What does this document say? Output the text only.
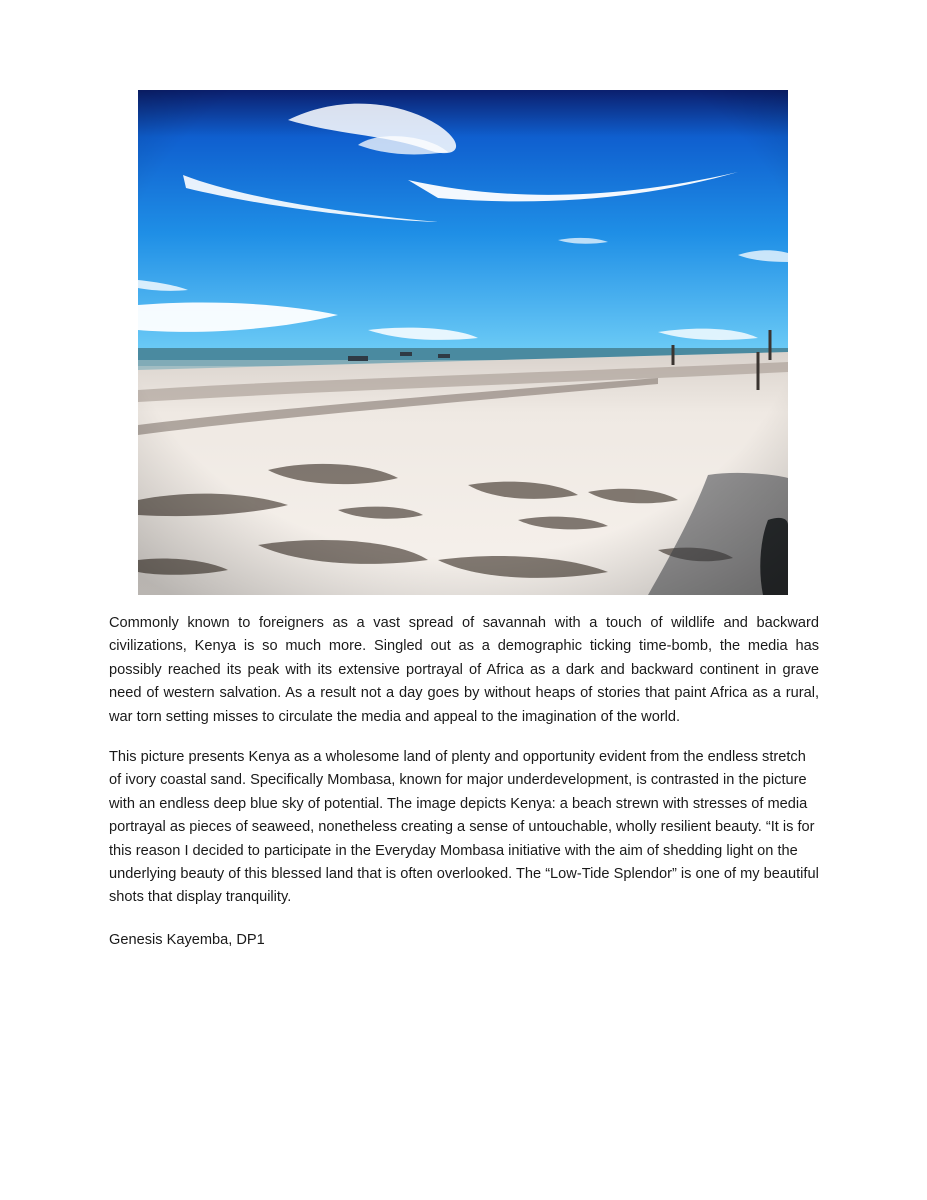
Commonly known to foreigners as a vast spread of savannah with a touch of wildlife and backward civilizations, Kenya is so much more. Singled out as a demographic ticking time-bomb, the media has possibly reached its peak with its extensive portrayal of Africa as a dark and backward continent in grave need of western salvation. As a result not a day goes by without heaps of stories that paint Africa as a rural, war torn setting misses to circulate the media and appeal to the imagination of the world.

This picture presents Kenya as a wholesome land of plenty and opportunity evident from the endless stretch of ivory coastal sand. Specifically Mombasa, known for major underdevelopment, is contrasted in the picture with an endless deep blue sky of potential. The image depicts Kenya: a beach strewn with stresses of media portrayal as pieces of seaweed, nonetheless creating a sense of untouchable, wholly resilient beauty. “It is for this reason I decided to participate in the Everyday Mombasa initiative with the aim of shedding light on the underlying beauty of this blessed land that is often overlooked. The “Low-Tide Splendor” is one of my beautiful shots that display tranquility.

Genesis Kayemba, DP1
